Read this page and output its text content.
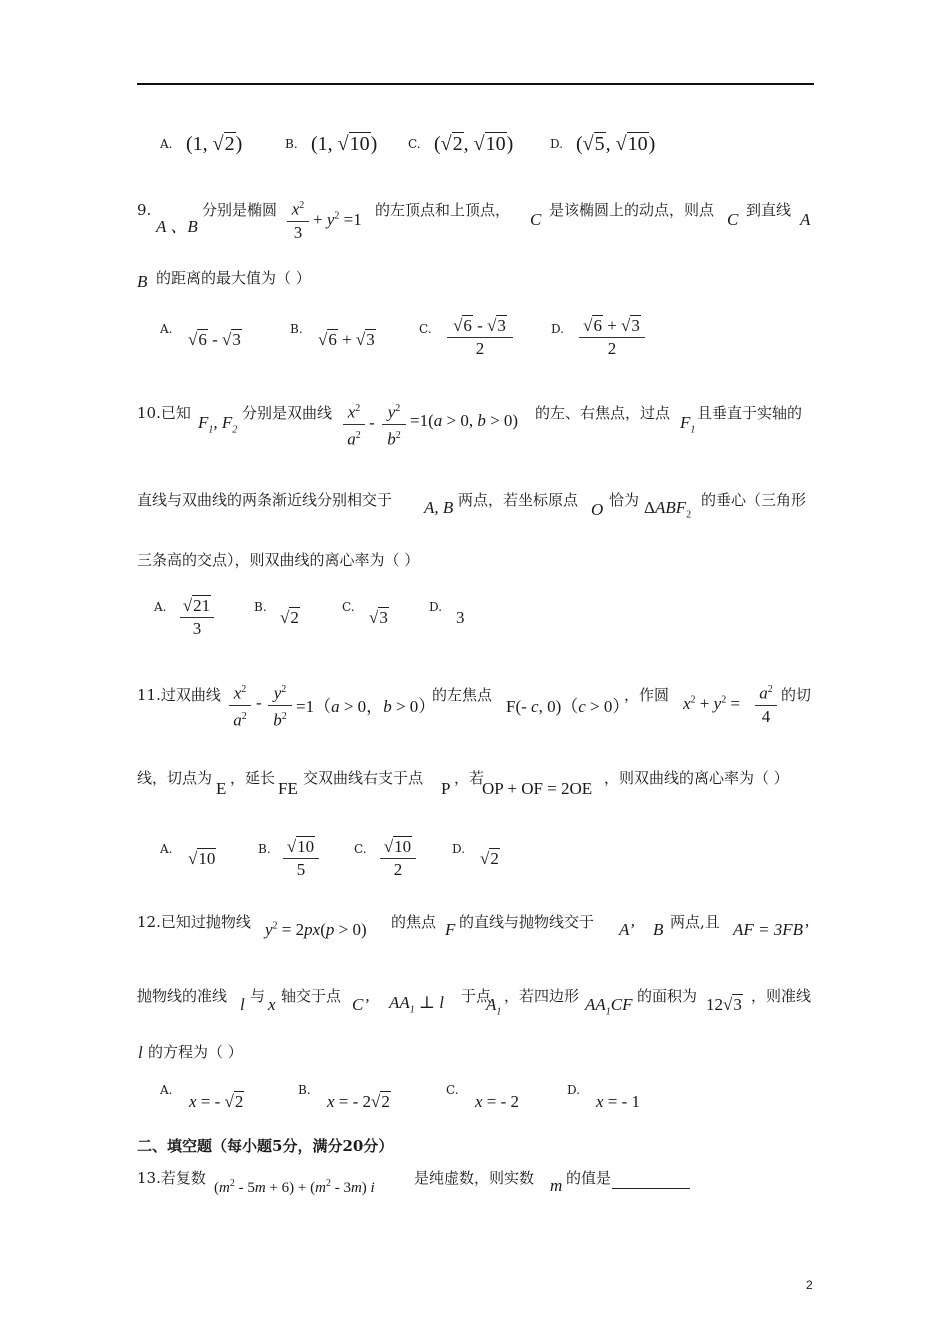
A. (1, √2)	B. (1, √10)	C. (√2, √10)	D. (√5, √10)
9.
A 、B
分别是椭圆 $x^2$
3
+ $y^2 =1$ 的左顶点和上顶点， C 是该椭圆上的动点，则点 C 到直线 A
B 的距离的最大值为（ ）
A.
√6 - √3
B.
√6 + √3
C.	√6 - √3
2
D. √6 + √3
2
10.已知 $F_1$, $F_2$
分别是双曲线 $x^2$
$a^2$
-
$y^2$
$b^2$
=1(a > 0, b > 0) 的左、右焦点，过点 $F_1$
且垂直于实轴的
直线与双曲线的两条渐近线分别相交于 A, B 两点，若坐标原点 O 恰为 $\Delta ABF_2$
的垂心（三角形
三条高的交点），则双曲线的离心率为（ ）
A. √21
3
B.
√2
C.
√3
D.
3
11.过双曲线 $x^2$
$a^2$
- $y^2$
$b^2$
=1（a > 0，b > 0）
的左焦点
F(- c, 0)（c > 0）
，作圆 $x^2 + y^2$ =
$a^2$
4
的切
线，切点为
E
，延长
FE
交双曲线右支于点
P
，若
OP + OF = 2OE
，则双曲线的离心率为（ ）
A. √10	B. √10
5
C. √10
2
D. √2
12.已知过抛物线 $y^2 = 2px(p > 0)$ 的焦点 F 的直线与抛物线交于 A’ B 两点,且 AF = 3FB’
抛物线的准线 l 与 x 轴交于点 C’ $AA_1$ ⊥ l 于点
$A_1$
，若四边形 $AA_1CF$ 的面积为 12√3 ，则准线
l 的方程为（ ）
A.
x = - √2
B.
x = - 2√2
C.
x = - 2
D.
x = - 1
二、填空题（每小题5分，满分20分）
13.若复数
$(m^2 - 5m + 6) + (m^2 - 3m)$ i
是纯虚数，则实数 m 的值是
2
